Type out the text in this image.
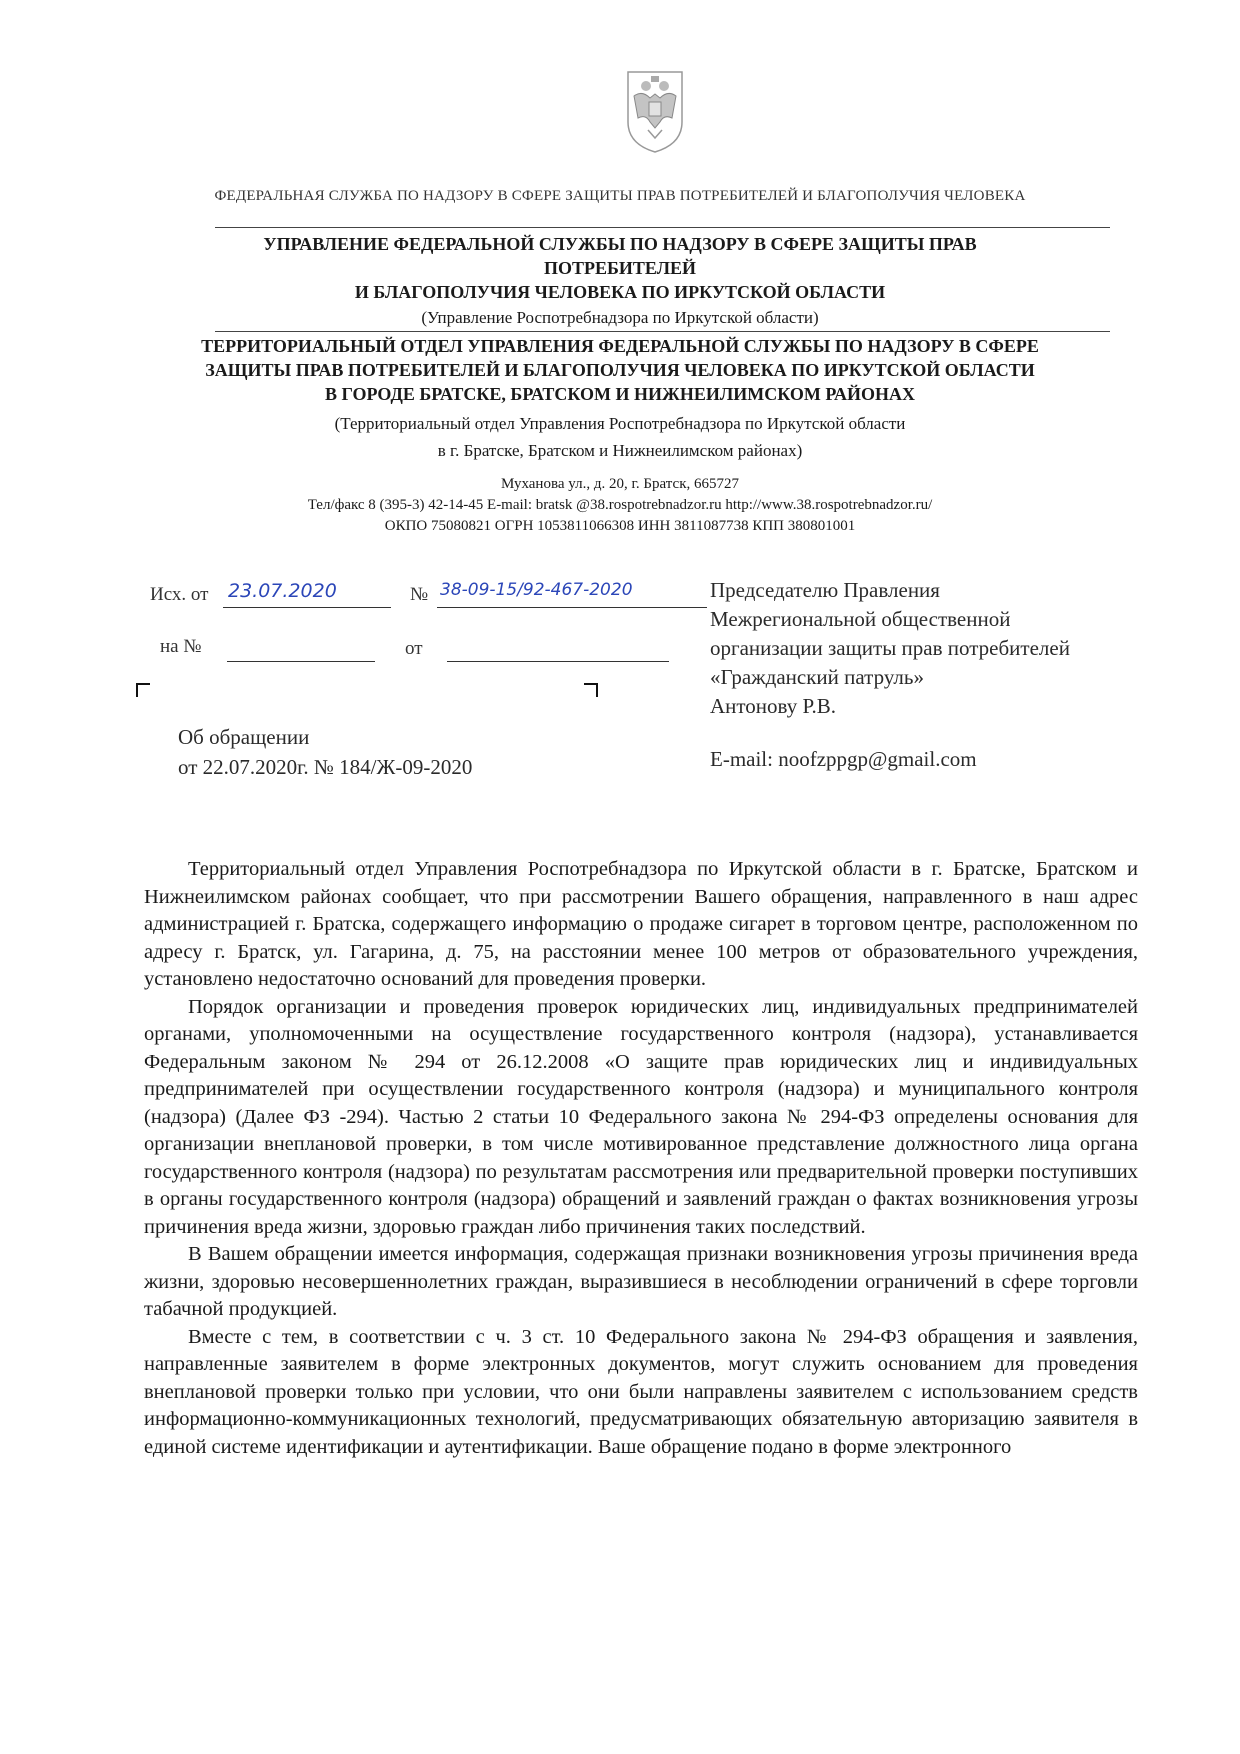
ФЕДЕРАЛЬНАЯ СЛУЖБА ПО НАДЗОРУ В СФЕРЕ ЗАЩИТЫ ПРАВ ПОТРЕБИТЕЛЕЙ И БЛАГОПОЛУЧИЯ ЧЕЛОВЕКА
УПРАВЛЕНИЕ ФЕДЕРАЛЬНОЙ СЛУЖБЫ ПО НАДЗОРУ В СФЕРЕ ЗАЩИТЫ ПРАВ
ПОТРЕБИТЕЛЕЙ
И БЛАГОПОЛУЧИЯ ЧЕЛОВЕКА ПО ИРКУТСКОЙ ОБЛАСТИ
(Управление Роспотребнадзора по Иркутской области)
ТЕРРИТОРИАЛЬНЫЙ ОТДЕЛ УПРАВЛЕНИЯ ФЕДЕРАЛЬНОЙ СЛУЖБЫ ПО НАДЗОРУ В СФЕРЕ
ЗАЩИТЫ ПРАВ ПОТРЕБИТЕЛЕЙ И БЛАГОПОЛУЧИЯ ЧЕЛОВЕКА ПО ИРКУТСКОЙ ОБЛАСТИ
В ГОРОДЕ БРАТСКЕ, БРАТСКОМ И НИЖНЕИЛИМСКОМ РАЙОНАХ
(Территориальный отдел Управления Роспотребнадзора по Иркутской области
в г. Братске, Братском и Нижнеилимском районах)
Муханова ул., д. 20, г. Братск, 665727
Тел/факс 8 (395-3) 42-14-45 E-mail: bratsk @38.rospotrebnadzor.ru http://www.38.rospotrebnadzor.ru/
ОКПО 75080821 ОГРН 1053811066308 ИНН 3811087738 КПП 380801001
Исх. от 23.07.2020	№ 38-09-15/92-467-2020
на №	от
Председателю Правления
Межрегиональной общественной
организации защиты прав потребителей
«Гражданский патруль»
Антонову Р.В.
E-mail: noofzppgp@gmail.com
Об обращении
от 22.07.2020г. № 184/Ж-09-2020

Территориальный отдел Управления Роспотребнадзора по Иркутской области в г. Братске, Братском и Нижнеилимском районах сообщает, что при рассмотрении Вашего обращения, направленного в наш адрес администрацией г. Братска, содержащего информацию о продаже сигарет в торговом центре, расположенном по адресу г. Братск, ул. Гагарина, д. 75, на расстоянии менее 100 метров от образовательного учреждения, установлено недостаточно оснований для проведения проверки.

Порядок организации и проведения проверок юридических лиц, индивидуальных предпринимателей органами, уполномоченными на осуществление государственного контроля (надзора), устанавливается Федеральным законом № 294 от 26.12.2008 «О защите прав юридических лиц и индивидуальных предпринимателей при осуществлении государственного контроля (надзора) и муниципального контроля (надзора) (Далее ФЗ -294). Частью 2 статьи 10 Федерального закона № 294-ФЗ определены основания для организации внеплановой проверки, в том числе мотивированное представление должностного лица органа государственного контроля (надзора) по результатам рассмотрения или предварительной проверки поступивших в органы государственного контроля (надзора) обращений и заявлений граждан о фактах возникновения угрозы причинения вреда жизни, здоровью граждан либо причинения таких последствий.

В Вашем обращении имеется информация, содержащая признаки возникновения угрозы причинения вреда жизни, здоровью несовершеннолетних граждан, выразившиеся в несоблюдении ограничений в сфере торговли табачной продукцией.

Вместе с тем, в соответствии с ч. 3 ст. 10 Федерального закона № 294-ФЗ обращения и заявления, направленные заявителем в форме электронных документов, могут служить основанием для проведения внеплановой проверки только при условии, что они были направлены заявителем с использованием средств информационно-коммуникационных технологий, предусматривающих обязательную авторизацию заявителя в единой системе идентификации и аутентификации. Ваше обращение подано в форме электронного
